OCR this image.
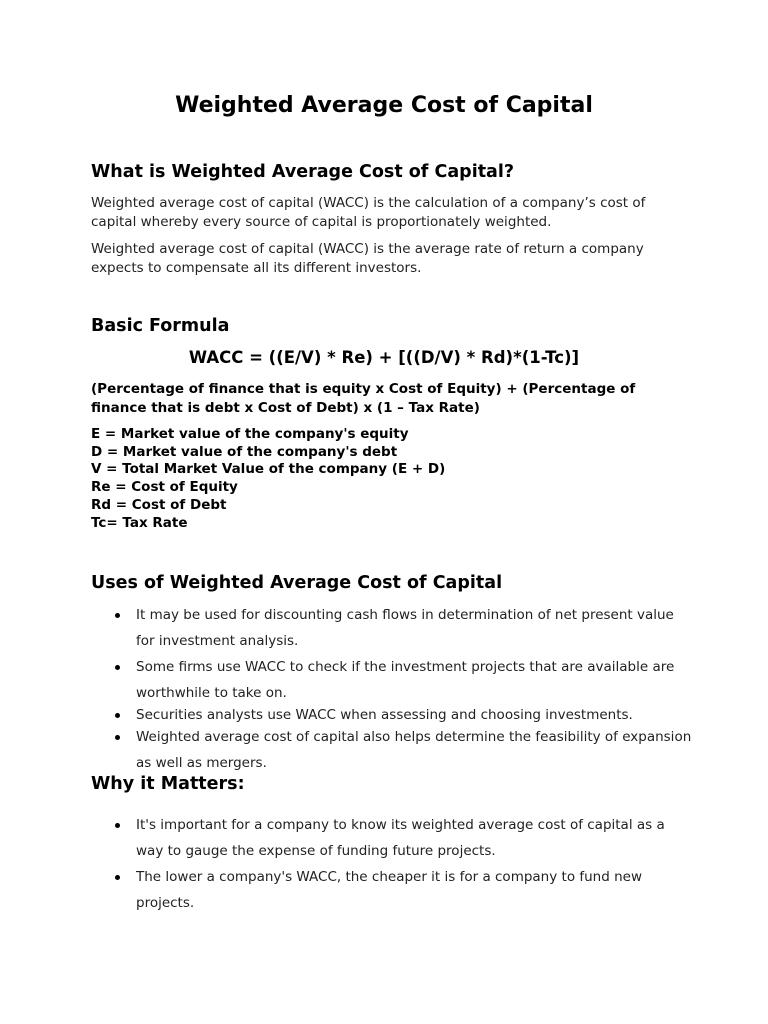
Weighted Average Cost of Capital
What is Weighted Average Cost of Capital?

Weighted average cost of capital (WACC) is the calculation of a company’s cost of capital whereby every source of capital is proportionately weighted.

Weighted average cost of capital (WACC) is the average rate of return a company expects to compensate all its different investors.

Basic Formula

WACC = ((E/V) * Re) + [((D/V) * Rd)*(1-Tc)]

(Percentage of finance that is equity x Cost of Equity) + (Percentage of finance that is debt x Cost of Debt) x (1 – Tax Rate)

E = Market value of the company's equity
D = Market value of the company's debt
V = Total Market Value of the company (E + D)
Re = Cost of Equity
Rd = Cost of Debt
Tc= Tax Rate
Uses of Weighted Average Cost of Capital
It may be used for discounting cash flows in determination of net present value for investment analysis.
Some firms use WACC to check if the investment projects that are available are worthwhile to take on.
Securities analysts use WACC when assessing and choosing investments.
Weighted average cost of capital also helps determine the feasibility of expansion as well as mergers.
Why it Matters:
It's important for a company to know its weighted average cost of capital as a way to gauge the expense of funding future projects.
The lower a company's WACC, the cheaper it is for a company to fund new projects.
